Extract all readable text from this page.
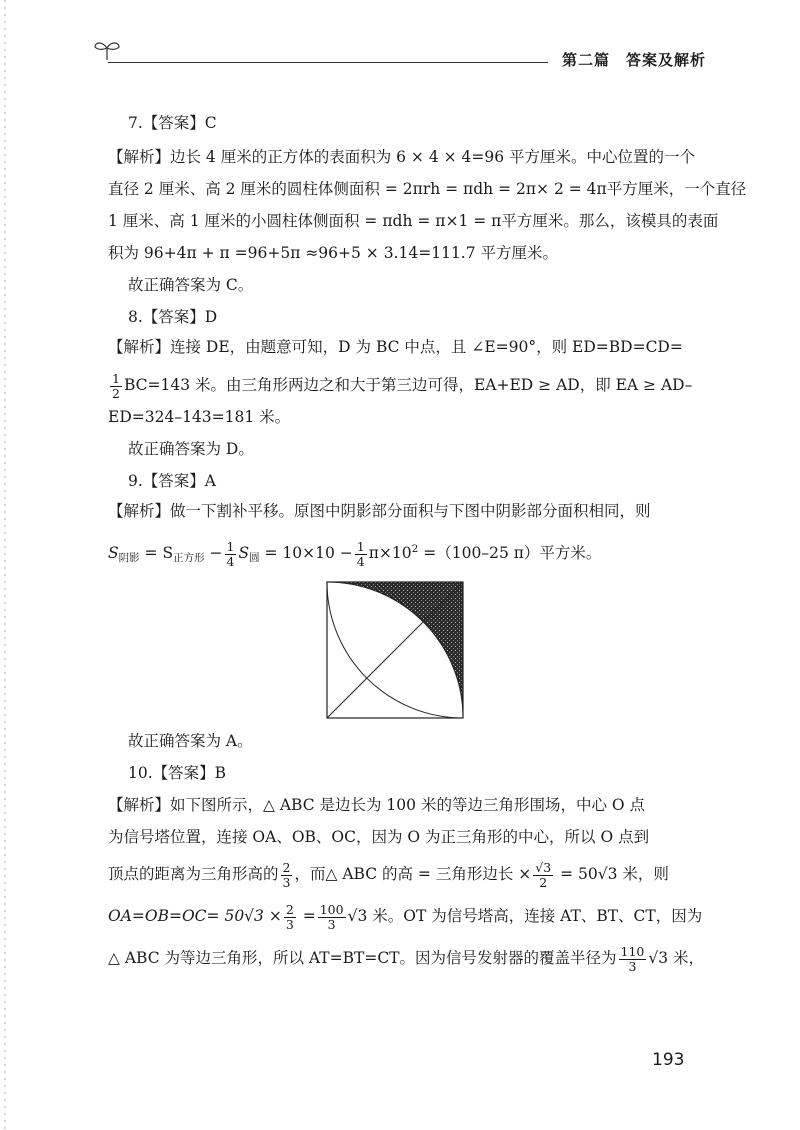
第二篇　答案及解析
7.【答案】C
【解析】边长 4 厘米的正方体的表面积为 6 × 4 × 4=96 平方厘米。中心位置的一个
直径 2 厘米、高 2 厘米的圆柱体侧面积 = 2πrh = πdh = 2π× 2 = 4π平方厘米，一个直径
1 厘米、高 1 厘米的小圆柱体侧面积 = πdh = π×1 = π平方厘米。那么，该模具的表面
积为 96+4π + π =96+5π ≈96+5 × 3.14=111.7 平方厘米。
故正确答案为 C。
8.【答案】D
【解析】连接 DE，由题意可知，D 为 BC 中点，且 ∠E=90°，则 ED=BD=CD=
$\frac{1}{2} BC=143$ 米。由三角形两边之和大于第三边可得，EA+ED ≥ AD，即 EA ≥ AD–
ED=324–143=181 米。
故正确答案为 D。
9.【答案】A
【解析】做一下割补平移。原图中阴影部分面积与下图中阴影部分面积相同，则
$S_{阴影} = S_{正方形} - \frac{1}{4} S_圆 = 10\times 10 - \frac{1}{4} \pi\times 10^2 =(100-25$ π）平方米。
故正确答案为 A。
10.【答案】B
【解析】如下图所示，△ ABC 是边长为 100 米的等边三角形围场，中心 O 点
为信号塔位置，连接 OA、OB、OC，因为 O 为正三角形的中心，所以 O 点到
顶点的距离为三角形高的 $\frac{2}{3}$ ，而△ ABC 的高 = 三角形边长 × $\frac{√3}{2} = 50√3$ 米，则
$OA=OB=OC= 50√3 \times \frac{2}{3} = \frac{100}{3} √3$ 米。OT 为信号塔高，连接 AT、BT、CT，因为
△ ABC 为等边三角形，所以 AT=BT=CT。因为信号发射器的覆盖半径为 $\frac{110}{3} √3$ 米，
193
